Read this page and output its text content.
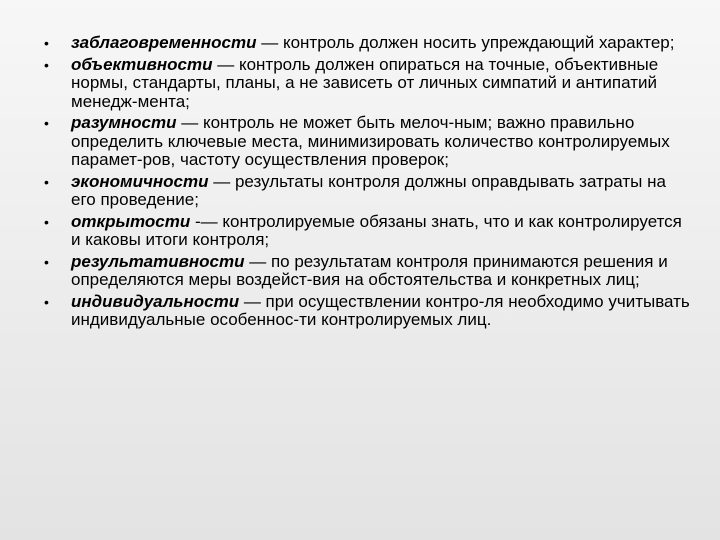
• заблаговременности — контроль должен носить упреждающий характер;
• объективности — контроль должен опираться на точные, объективные нормы, стандарты, планы, а не зависеть от личных симпатий и антипатий менедж-мента;
• разумности — контроль не может быть мелоч-ным; важно правильно определить ключевые места, минимизировать количество контролируемых парамет-ров, частоту осуществления проверок;
• экономичности — результаты контроля должны оправдывать затраты на его проведение;
• открытости -— контролируемые обязаны знать, что и как контролируется и каковы итоги контроля;
• результативности — по результатам контроля принимаются решения и определяются меры воздейст-вия на обстоятельства и конкретных лиц;
• индивидуальности — при осуществлении контро-ля необходимо учитывать индивидуальные особеннос-ти контролируемых лиц.
